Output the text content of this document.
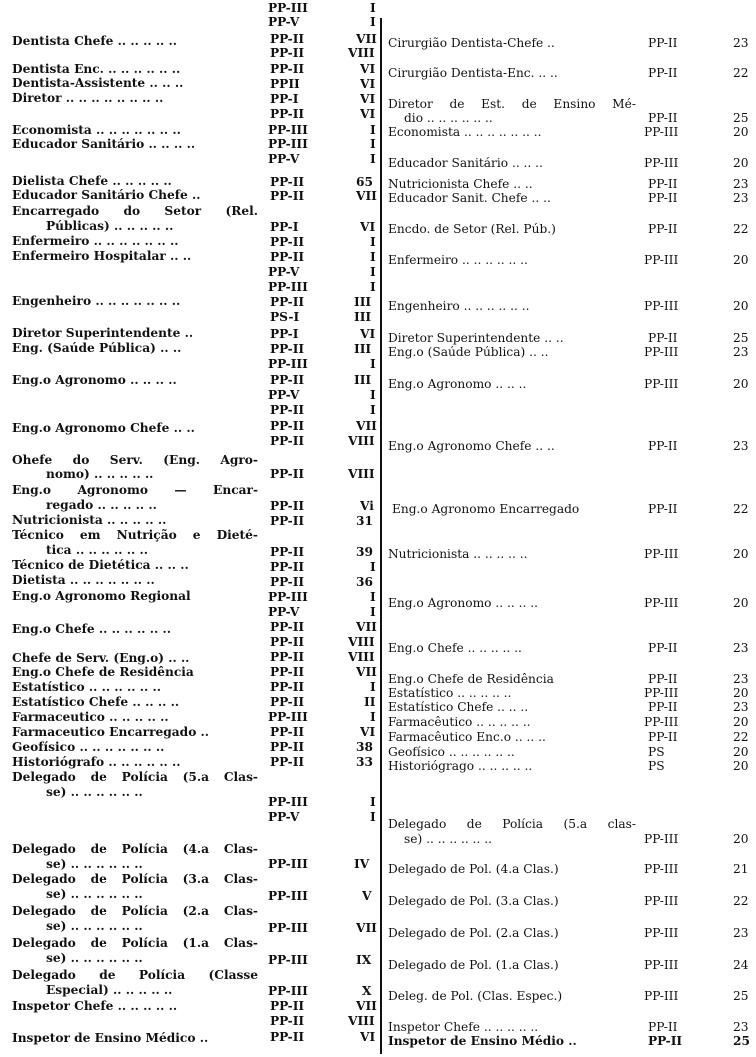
PP-III	I
PP-V	I
Dentista Chefe .. .. .. .. ..	PP-II	VII
PP-II	VIII
Dentista Enc. .. .. .. .. .. ..	PP-II	VI
Dentista-Assistente .. .. ..	PPII	VI
Diretor .. .. .. .. .. .. .. ..	PP-I	VI
PP-II	VI
Economista .. .. .. .. .. .. ..	PP-III	I
Educador Sanitário .. .. .. ..	PP-III	I
PP-V	I
Dielista Chefe .. .. .. .. ..	PP-II	65
Educador Sanitário Chefe ..	PP-II	VII
Encarregado do Setor (Rel.
Públicas) .. .. .. .. ..	PP-I	VI
Enfermeiro .. .. .. .. .. .. ..	PP-II	I
Enfermeiro Hospitalar .. ..	PP-II	I
PP-V	I
PP-III	I
Engenheiro .. .. .. .. .. .. ..	PP-II	III
PS-I	III
Diretor Superintendente ..	PP-I	VI
Eng. (Saúde Pública) .. ..	PP-II	III
PP-III	I
Eng.o Agronomo .. .. .. ..	PP-II	III
PP-V	I
PP-II	I
Eng.o Agronomo Chefe .. ..	PP-II	VII
PP-II	VIII
Ohefe do Serv. (Eng. Agro-
nomo) .. .. .. .. ..	PP-II	VIII
Eng.o Agronomo — Encar-
regado .. .. .. .. ..	PP-II	Vi
Nutricionista .. .. .. .. ..	PP-II	31
Técnico em Nutrição e Dieté-
tica .. .. .. .. .. ..	PP-II	39
Técnico de Dietética .. .. ..	PP-II	I
Dietista .. .. .. .. .. .. ..	PP-II	36
Eng.o Agronomo Regional	PP-III	I
PP-V	I
Eng.o Chefe .. .. .. .. .. ..	PP-II	VII
PP-II	VIII
Chefe de Serv. (Eng.o) .. ..	PP-II	VIII
Eng.o Chefe de Residência	PP-II	VII
Estatístico .. .. .. .. .. ..	PP-II	I
Estatístico Chefe .. .. .. ..	PP-II	II
Farmaceutico .. .. .. .. ..	PP-III	I
Farmaceutico Encarregado ..	PP-II	VI
Geofísico .. .. .. .. .. .. ..	PP-II	38
Historiógrafo .. .. .. .. .. ..	PP-II	33
Delegado de Polícia (5.a Clas-
se) .. .. .. .. .. ..
PP-III	I
PP-V	I
Delegado de Polícia (4.a Clas-
se) .. .. .. .. .. ..	PP-III	IV
Delegado de Polícia (3.a Clas-
se) .. .. .. .. .. ..	PP-III	V
Delegado de Polícia (2.a Clas-
se) .. .. .. .. .. ..	PP-III	VII
Delegado de Polícia (1.a Clas-
se) .. .. .. .. .. ..	PP-III	IX
Delegado de Polícia (Classe
Especial) .. .. .. .. ..	PP-III	X
Inspetor Chefe .. .. .. .. ..	PP-II	VII
PP-II	VIII
Inspetor de Ensino Médico ..	PP-II	VI
Cirurgião Dentista-Chefe ..	PP-II	23
Cirurgião Dentista-Enc. .. ..	PP-II	22
Diretor de Est. de Ensino Mé-
dio .. .. .. .. .. ..	PP-II	25
Economista .. .. .. .. .. .. ..	PP-III	20
Educador Sanitário .. .. ..	PP-III	20
Nutricionista Chefe .. ..	PP-II	23
Educador Sanit. Chefe .. ..	PP-II	23
Encdo. de Setor (Rel. Púb.)	PP-II	22
Enfermeiro .. .. .. .. .. ..	PP-III	20
Engenheiro .. .. .. .. .. ..	PP-III	20
Diretor Superintendente .. ..	PP-II	25
Eng.o (Saúde Pública) .. ..	PP-III	23
Eng.o Agronomo .. .. ..	PP-III	20
Eng.o Agronomo Chefe .. ..	PP-II	23
Eng.o Agronomo Encarregado	PP-II	22
Nutricionista .. .. .. .. ..	PP-III	20
Eng.o Agronomo .. .. .. ..	PP-III	20
Eng.o Chefe .. .. .. .. ..	PP-II	23
Eng.o Chefe de Residência	PP-II	23
Estatístico .. .. .. .. ..	PP-III	20
Estatístico Chefe .. .. ..	PP-II	23
Farmacêutico .. .. .. .. ..	PP-III	20
Farmacêutico Enc.o .. .. ..	PP-II	22
Geofísico .. .. .. .. .. ..	PS	20
Historiógrago .. .. .. .. ..	PS	20
Delegado de Polícia (5.a clas-
se) .. .. .. .. .. ..	PP-III	20
Delegado de Pol. (4.a Clas.)	PP-III	21
Delegado de Pol. (3.a Clas.)	PP-III	22
Delegado de Pol. (2.a Clas.)	PP-III	23
Delegado de Pol. (1.a Clas.)	PP-III	24
Deleg. de Pol. (Clas. Espec.)	PP-III	25
Inspetor Chefe .. .. .. .. ..	PP-II	23
Inspetor de Ensino Médio ..	PP-II	25
